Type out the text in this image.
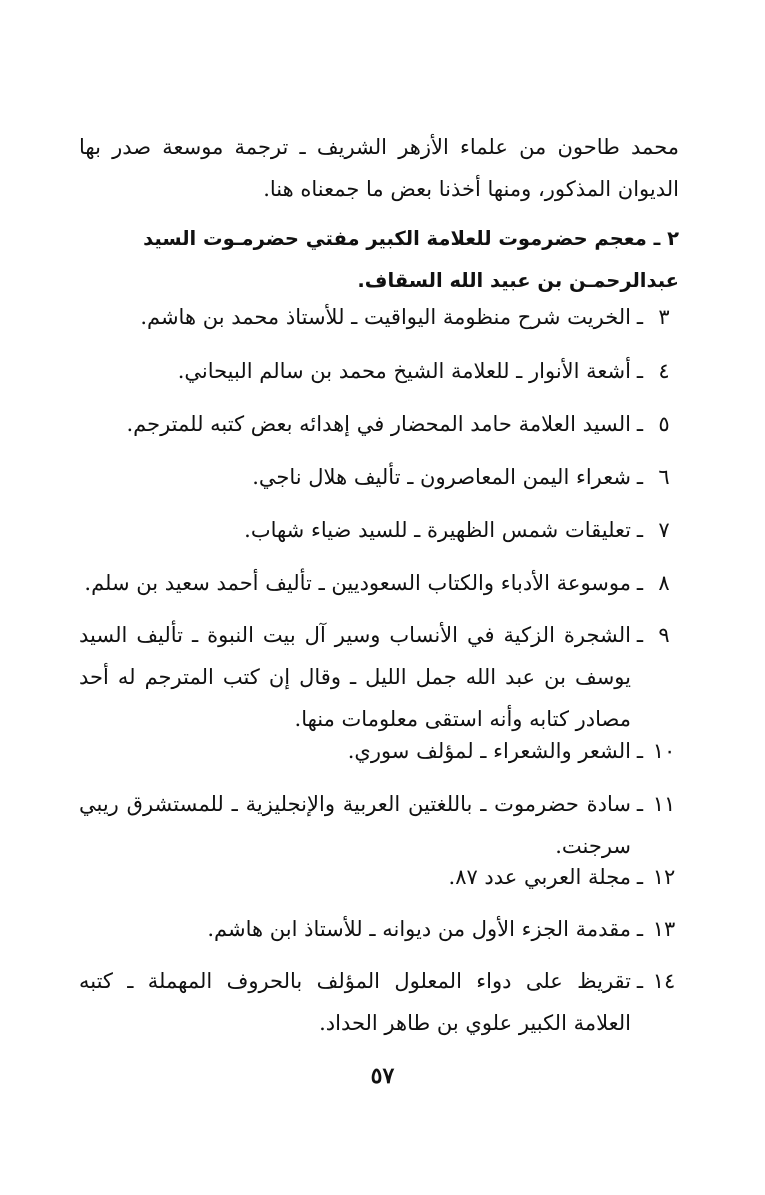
محمد طاحون من علماء الأزهر الشريف ـ ترجمة موسعة صدر بها الديوان المذكور، ومنها أخذنا بعض ما جمعناه هنا.

٢ ـ معجم حضرموت للعلامة الكبير مفتي حضرمـوت السيد عبدالرحمـن بن عبيد الله السقاف.

٣
ـ
الخريت شرح منظومة اليواقيت ـ للأستاذ محمد بن هاشم.
٤
ـ
أشعة الأنوار ـ للعلامة الشيخ محمد بن سالم البيحاني.
٥
ـ
السيد العلامة حامد المحضار في إهدائه بعض كتبه للمترجم.
٦
ـ
شعراء اليمن المعاصرون ـ تأليف هلال ناجي.
٧
ـ
تعليقات شمس الظهيرة ـ للسيد ضياء شهاب.
٨
ـ
موسوعة الأدباء والكتاب السعوديين ـ تأليف أحمد سعيد بن سلم.
٩
ـ
الشجرة الزكية في الأنساب وسير آل بيت النبوة ـ تأليف السيد يوسف بن عبد الله جمل الليل ـ وقال إن كتب المترجم له أحد مصادر كتابه وأنه استقى معلومات منها.
١٠
ـ
الشعر والشعراء ـ لمؤلف سوري.
١١
ـ
سادة حضرموت ـ باللغتين العربية والإنجليزية ـ للمستشرق ريبي سرجنت.
١٢
ـ
مجلة العربي عدد ٨٧.
١٣
ـ
مقدمة الجزء الأول من ديوانه ـ للأستاذ ابن هاشم.
١٤
ـ
تقريظ على دواء المعلول المؤلف بالحروف المهملة ـ كتبه العلامة الكبير علوي بن طاهر الحداد.
٥٧
